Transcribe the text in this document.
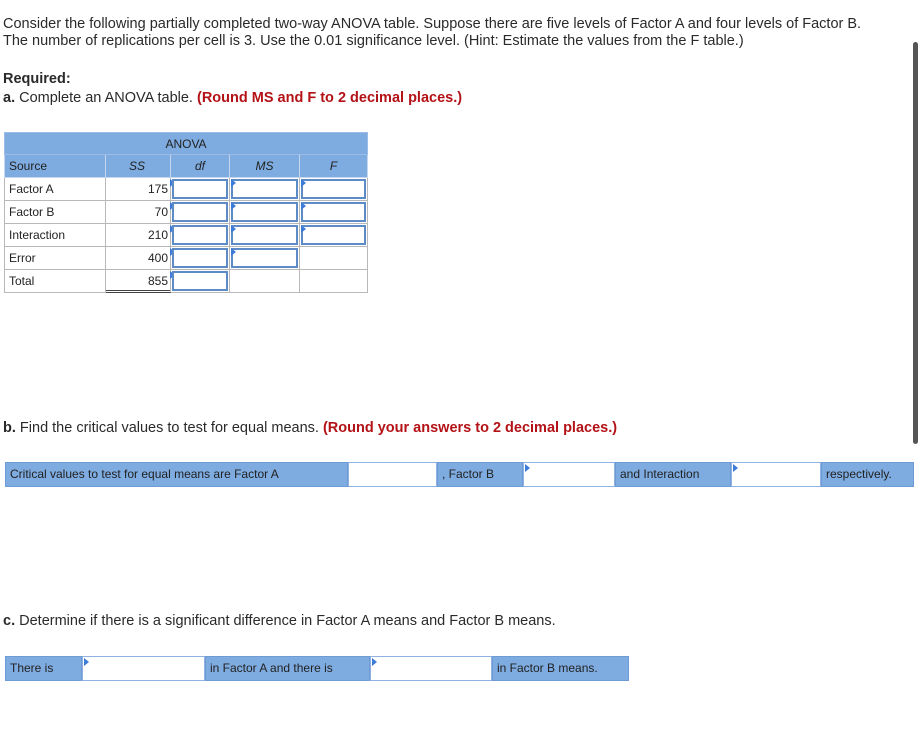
Consider the following partially completed two-way ANOVA table. Suppose there are five levels of Factor A and four levels of Factor B. The number of replications per cell is 3. Use the 0.01 significance level. (Hint: Estimate the values from the F table.)
Required:
a. Complete an ANOVA table. (Round MS and F to 2 decimal places.)
ANOVA
Source	SS	df	MS	F
Factor A	175
Factor B	70
Interaction	210
Error	400
Total	855
b. Find the critical values to test for equal means. (Round your answers to 2 decimal places.)
Critical values to test for equal means are Factor A	, Factor B	and Interaction	respectively.
c. Determine if there is a significant difference in Factor A means and Factor B means.
There is	in Factor A and there is	in Factor B means.
